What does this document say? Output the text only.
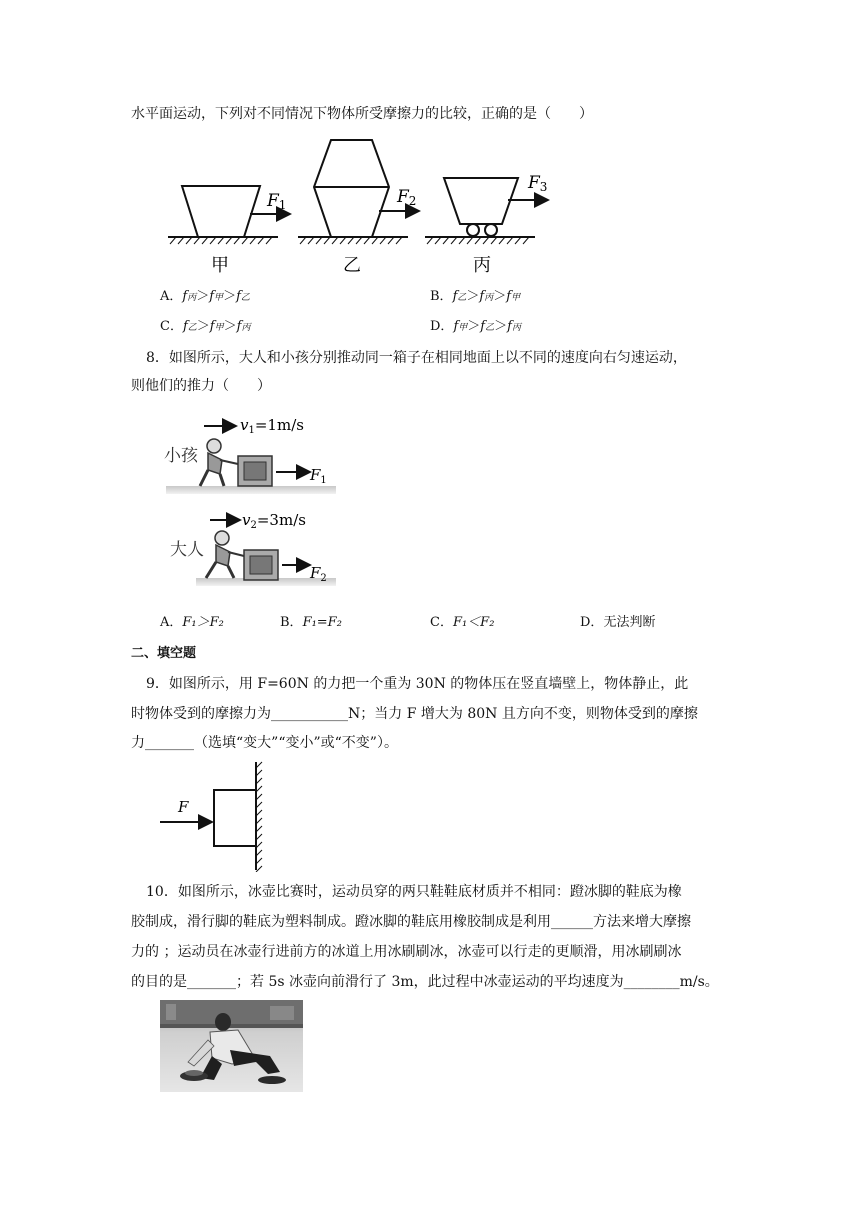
水平面运动，下列对不同情况下物体所受摩擦力的比较，正确的是（　　）
F1	F2
F3
甲	乙	丙
A．f丙＞f甲＞f乙	B．f乙＞f丙＞f甲
C．f乙＞f甲＞f丙	D．f甲＞f乙＞f丙
8．如图所示，大人和小孩分别推动同一箱子在相同地面上以不同的速度向右匀速运动，
则他们的推力（　　）
$v_1=1m/s$
小孩
$F_1$
$v_2=3m/s$
大人
$F_2$
A．F₁＞F₂	B．F₁=F₂	C．F₁＜F₂	D．无法判断
二、填空题
9．如图所示，用 F=60N 的力把一个重为 30N 的物体压在竖直墙壁上，物体静止，此
时物体受到的摩擦力为___________N；当力 F 增大为 80N 且方向不变，则物体受到的摩擦
力_______（选填“变大”“变小”或“不变”）。
F
10．如图所示，冰壶比赛时，运动员穿的两只鞋鞋底材质并不相同：蹬冰脚的鞋底为橡
胶制成，滑行脚的鞋底为塑料制成。蹬冰脚的鞋底用橡胶制成是利用______方法来增大摩擦
力的 ；运动员在冰壶行进前方的冰道上用冰刷刷冰，冰壶可以行走的更顺滑，用冰刷刷冰
的目的是_______；若 5s 冰壶向前滑行了 3m，此过程中冰壶运动的平均速度为________m/s。
